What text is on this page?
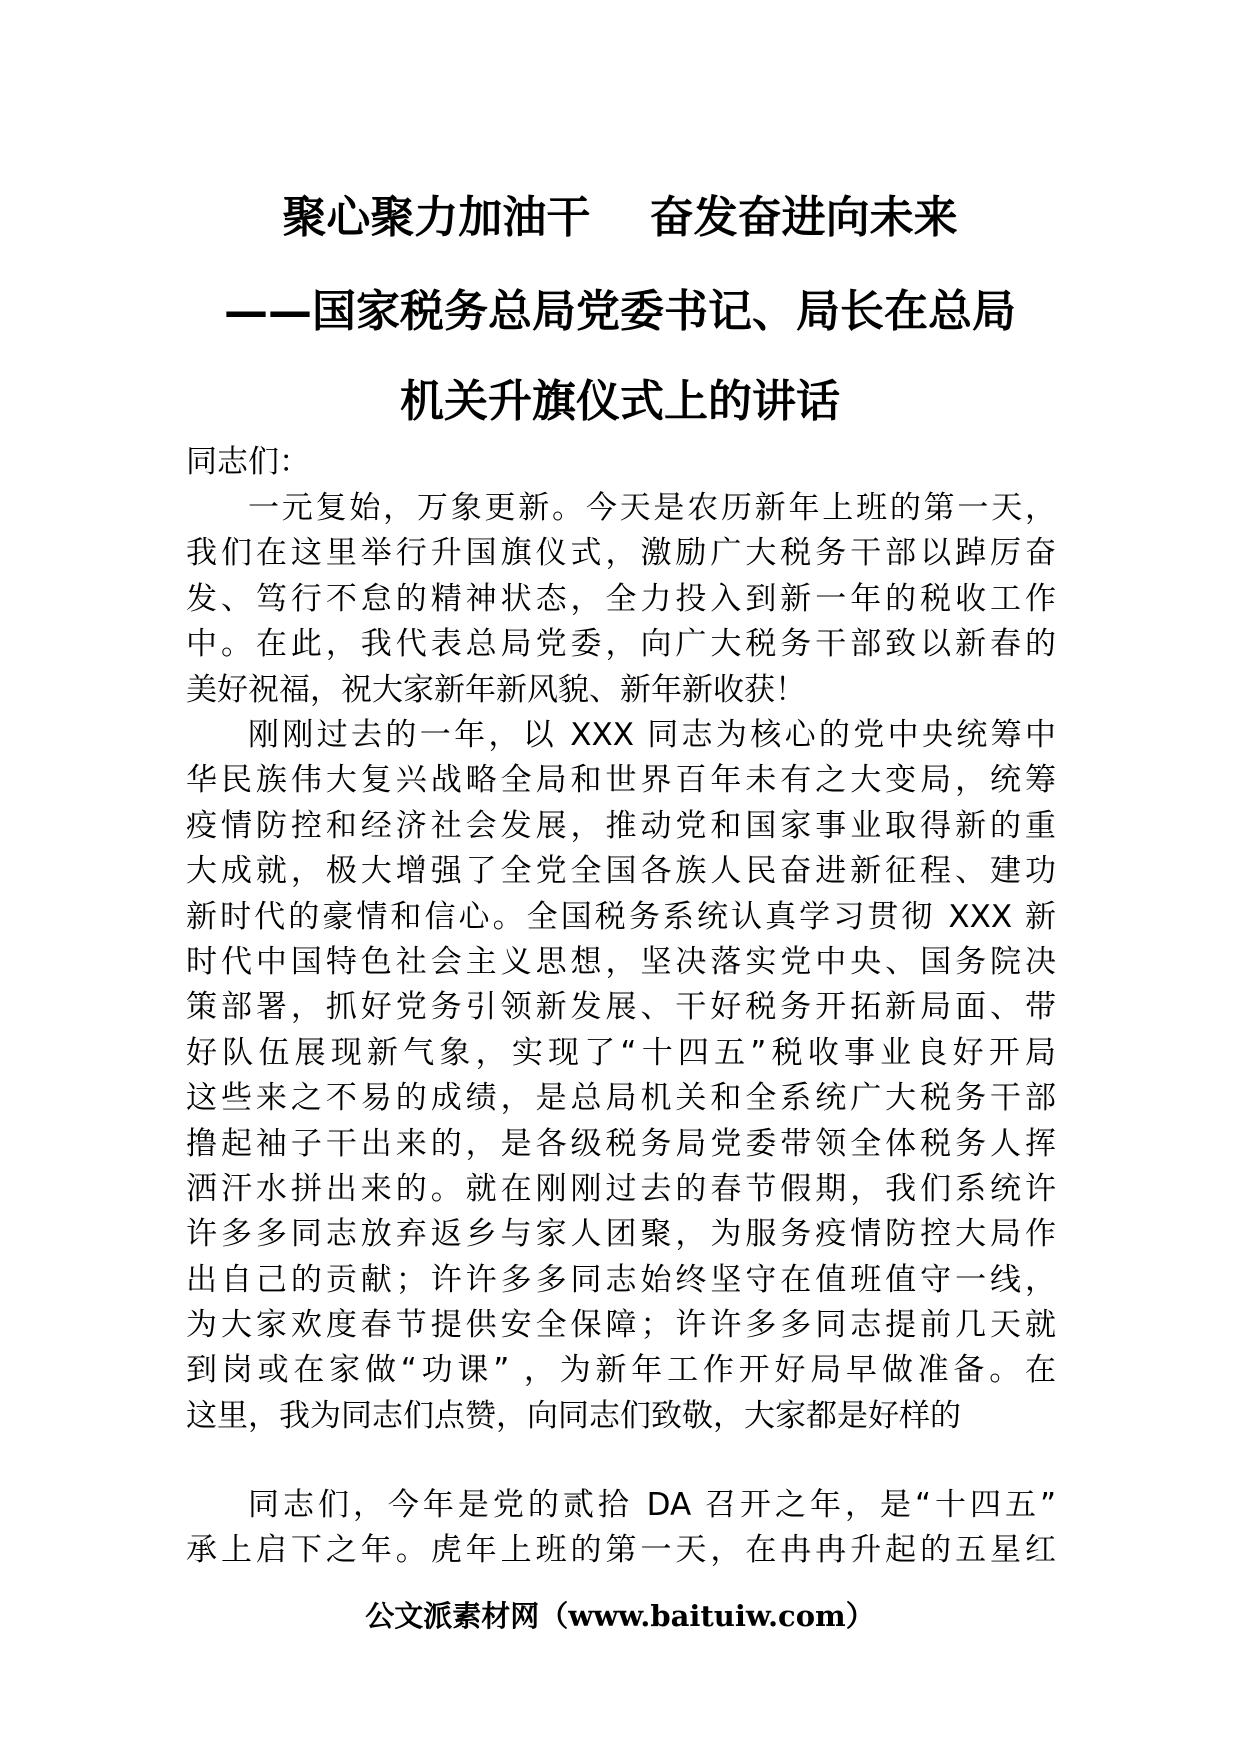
聚心聚力加油干　 奋发奋进向未来
——国家税务总局党委书记、局长在总局
机关升旗仪式上的讲话
同志们：
一元复始，万象更新。今天是农历新年上班的第一天，
我们在这里举行升国旗仪式，激励广大税务干部以踔厉奋
发、笃行不怠的精神状态，全力投入到新一年的税收工作
中。在此，我代表总局党委，向广大税务干部致以新春的
美好祝福，祝大家新年新风貌、新年新收获！
刚刚过去的一年，以 XXX 同志为核心的党中央统筹中
华民族伟大复兴战略全局和世界百年未有之大变局，统筹
疫情防控和经济社会发展，推动党和国家事业取得新的重
大成就，极大增强了全党全国各族人民奋进新征程、建功
新时代的豪情和信心。全国税务系统认真学习贯彻 XXX 新
时代中国特色社会主义思想，坚决落实党中央、国务院决
策部署，抓好党务引领新发展、干好税务开拓新局面、带
好队伍展现新气象，实现了“十四五”税收事业良好开局
这些来之不易的成绩，是总局机关和全系统广大税务干部
撸起袖子干出来的，是各级税务局党委带领全体税务人挥
洒汗水拼出来的。就在刚刚过去的春节假期，我们系统许
许多多同志放弃返乡与家人团聚，为服务疫情防控大局作
出自己的贡献；许许多多同志始终坚守在值班值守一线，
为大家欢度春节提供安全保障；许许多多同志提前几天就
到岗或在家做“功课” ，为新年工作开好局早做准备。在
这里，我为同志们点赞，向同志们致敬，大家都是好样的
同志们，今年是党的贰拾 DA 召开之年，是“十四五”
承上启下之年。虎年上班的第一天，在冉冉升起的五星红
公文派素材网（www.baituiw.com）
